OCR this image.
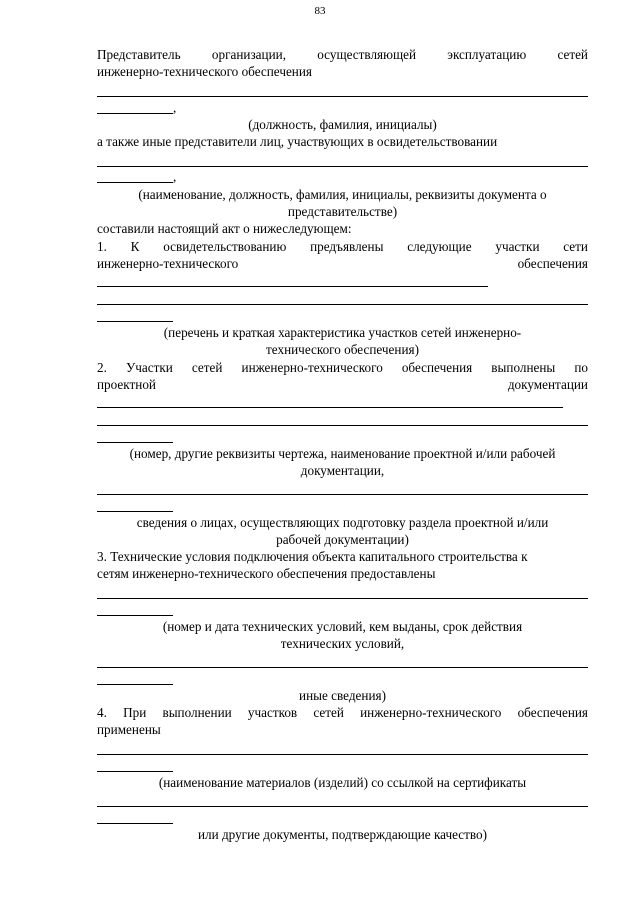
83
Представитель организации, осуществляющей эксплуатацию сетей
инженерно-технического обеспечения
,
(должность, фамилия, инициалы)
а также иные представители лиц, участвующих в освидетельствовании
,
(наименование, должность, фамилия, инициалы, реквизиты документа о
представительстве)
составили настоящий акт о нижеследующем:
1. К освидетельствованию предъявлены следующие участки сети
инженерно-технического	обеспечения
(перечень и краткая характеристика участков сетей инженерно-
технического обеспечения)
2. Участки сетей инженерно-технического обеспечения выполнены по
проектной	документации
(номер, другие реквизиты чертежа, наименование проектной и/или рабочей
документации,
сведения о лицах, осуществляющих подготовку раздела проектной и/или
рабочей документации)
3. Технические условия подключения объекта капитального строительства к
сетям инженерно-технического обеспечения предоставлены
(номер и дата технических условий, кем выданы, срок действия
технических условий,
иные сведения)
4. При выполнении участков сетей инженерно-технического обеспечения
применены
(наименование материалов (изделий) со ссылкой на сертификаты
или другие документы, подтверждающие качество)
